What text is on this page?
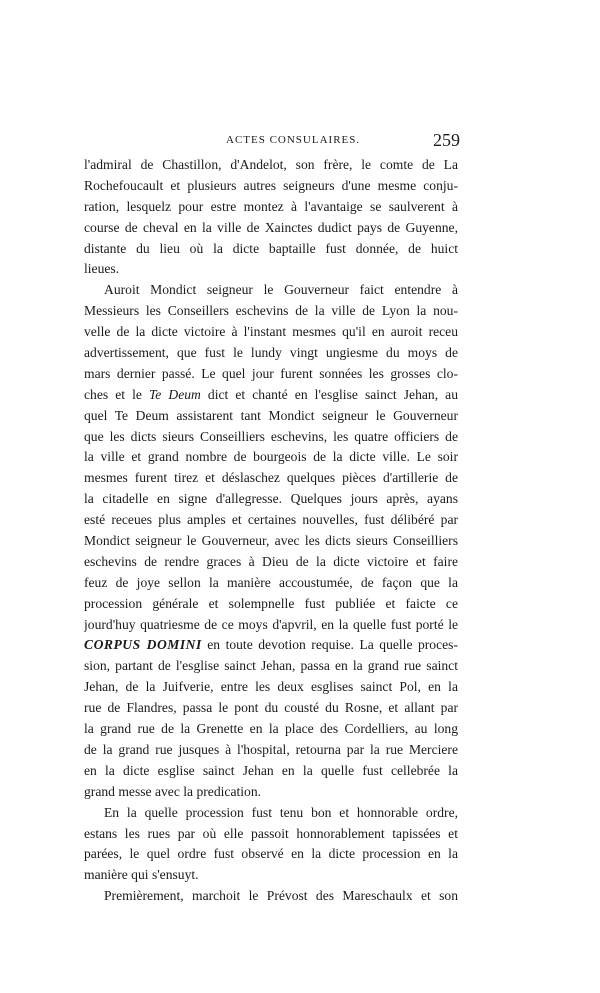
ACTES CONSULAIRES.	259
l'admiral de Chastillon, d'Andelot, son frère, le comte de La
Rochefoucault et plusieurs autres seigneurs d'une mesme conju-
ration, lesquelz pour estre montez à l'avantaige se saulverent à
course de cheval en la ville de Xainctes dudict pays de Guyenne,
distante du lieu où la dicte baptaille fust donnée, de huict
lieues.
Auroit Mondict seigneur le Gouverneur faict entendre à
Messieurs les Conseillers eschevins de la ville de Lyon la nou-
velle de la dicte victoire à l'instant mesmes qu'il en auroit receu
advertissement, que fust le lundy vingt ungiesme du moys de
mars dernier passé. Le quel jour furent sonnées les grosses clo-
ches et le Te Deum dict et chanté en l'esglise sainct Jehan, au
quel Te Deum assistarent tant Mondict seigneur le Gouverneur
que les dicts sieurs Conseilliers eschevins, les quatre officiers de
la ville et grand nombre de bourgeois de la dicte ville. Le soir
mesmes furent tirez et déslaschez quelques pièces d'artillerie de
la citadelle en signe d'allegresse. Quelques jours après, ayans
esté receues plus amples et certaines nouvelles, fust délibéré par
Mondict seigneur le Gouverneur, avec les dicts sieurs Conseilliers
eschevins de rendre graces à Dieu de la dicte victoire et faire
feuz de joye sellon la manière accoustumée, de façon que la
procession générale et solempnelle fust publiée et faicte ce
jourd'huy quatriesme de ce moys d'apvril, en la quelle fust porté le
CORPUS DOMINI en toute devotion requise. La quelle proces-
sion, partant de l'esglise sainct Jehan, passa en la grand rue sainct
Jehan, de la Juifverie, entre les deux esglises sainct Pol, en la
rue de Flandres, passa le pont du cousté du Rosne, et allant par
la grand rue de la Grenette en la place des Cordelliers, au long
de la grand rue jusques à l'hospital, retourna par la rue Merciere
en la dicte esglise sainct Jehan en la quelle fust cellebrée la
grand messe avec la predication.
En la quelle procession fust tenu bon et honnorable ordre,
estans les rues par où elle passoit honnorablement tapissées et
parées, le quel ordre fust observé en la dicte procession en la
manière qui s'ensuyt.
Premièrement, marchoit le Prévost des Mareschaulx et son
